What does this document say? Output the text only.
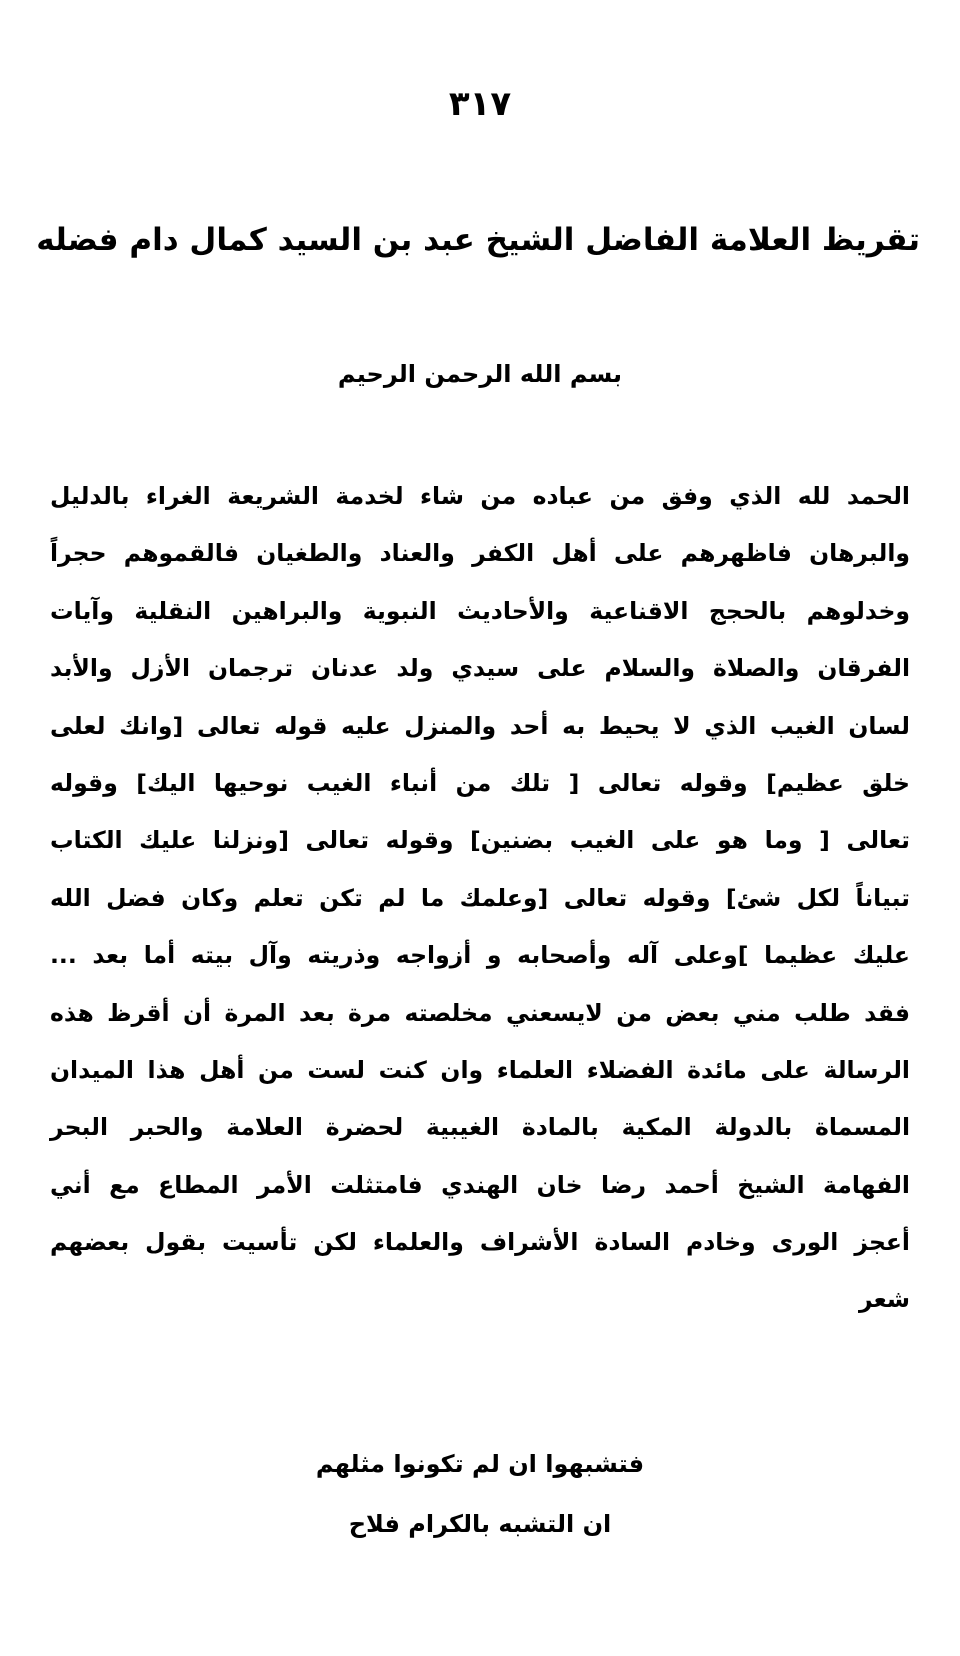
٣١٧
تقريظ العلامة الفاضل الشيخ عبد بن السيد كمال دام فضله
بسم الله الرحمن الرحيم
الحمد لله الذي وفق من عباده من شاء لخدمة الشريعة الغراء بالدليل
والبرهان فاظهرهم على أهل الكفر والعناد والطغيان فالقموهم حجراً
وخدلوهم بالحجج الاقناعية والأحاديث النبوية والبراهين النقلية وآيات
الفرقان والصلاة والسلام على سيدي ولد عدنان ترجمان الأزل والأبد
لسان الغيب الذي لا يحيط به أحد والمنزل عليه قوله تعالى [وانك لعلى
خلق عظيم] وقوله تعالى [ تلك من أنباء الغيب نوحيها اليك] وقوله
تعالى [ وما هو على الغيب بضنين] وقوله تعالى [ونزلنا عليك الكتاب
تبياناً لكل شئ] وقوله تعالى [وعلمك ما لم تكن تعلم وكان فضل الله
عليك عظيما ]وعلى آله وأصحابه و أزواجه وذريته وآل بيته أما بعد ...
فقد طلب مني بعض من لايسعني مخلصته مرة بعد المرة أن أقرظ هذه
الرسالة على مائدة الفضلاء العلماء وان كنت لست من أهل هذا الميدان
المسماة بالدولة المكية بالمادة الغيبية لحضرة العلامة والحبر البحر
الفهامة الشيخ أحمد رضا خان الهندي فامتثلت الأمر المطاع مع أني
أعجز الورى وخادم السادة الأشراف والعلماء لكن تأسيت بقول بعضهم
شعر
فتشبهوا ان لم تكونوا مثلهم
ان التشبه بالكرام فلاح
